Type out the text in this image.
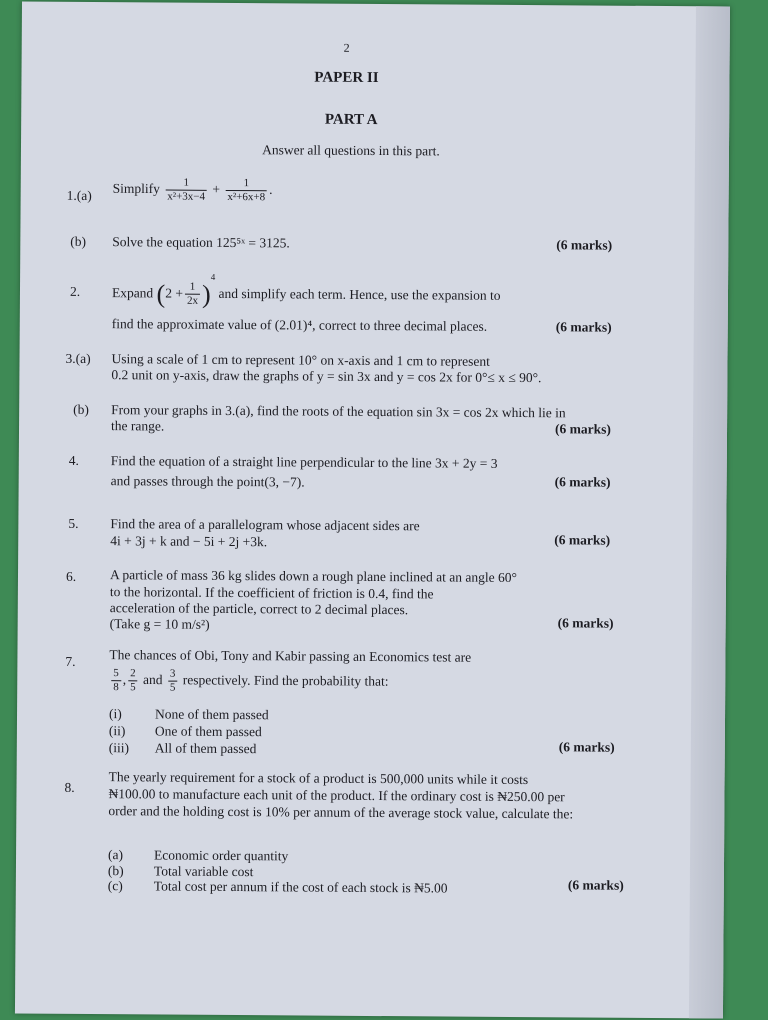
2
PAPER II
PART A
Answer all questions in this part.
1.(a) Simplify $\frac{1}{\text{x²+3x−4}} + \frac{1}{\text{x²+6x+8}}$ .
(b) Solve the equation 125⁵ˣ = 3125.	(6 marks)
2. Expand $(2 + \frac{1}{2x} )^4$ and simplify each term. Hence, use the expansion to
find the approximate value of (2.01)⁴, correct to three decimal places.	(6 marks)
3.(a) Using a scale of 1 cm to represent 10° on x-axis and 1 cm to represent
0.2 unit on y-axis, draw the graphs of y = sin 3x and y = cos 2x for 0°≤ x ≤ 90°.
(b) From your graphs in 3.(a), find the roots of the equation sin 3x = cos 2x which lie in
the range.	(6 marks)
4. Find the equation of a straight line perpendicular to the line 3x + 2y = 3
and passes through the point(3, −7).	(6 marks)
5. Find the area of a parallelogram whose adjacent sides are
4i + 3j + k and − 5i + 2j +3k.	(6 marks)
6.	A particle of mass 36 kg slides down a rough plane inclined at an angle 60°
to the horizontal. If the coefficient of friction is 0.4, find the
acceleration of the particle, correct to 2 decimal places.
(Take g = 10 m/s²)	(6 marks)
7.	The chances of Obi, Tony and Kabir passing an Economics test are
$\frac{5}{8}$ , $\frac{2}{5}$ and $\frac{3}{5}$ respectively. Find the probability that:
(i) None of them passed
(ii) One of them passed
(iii) All of them passed	(6 marks)
8.
The yearly requirement for a stock of a product is 500,000 units while it costs
₦100.00 to manufacture each unit of the product. If the ordinary cost is ₦250.00 per
order and the holding cost is 10% per annum of the average stock value, calculate the:
(a) Economic order quantity
(b) Total variable cost
(c) Total cost per annum if the cost of each stock is ₦5.00	(6 marks)
